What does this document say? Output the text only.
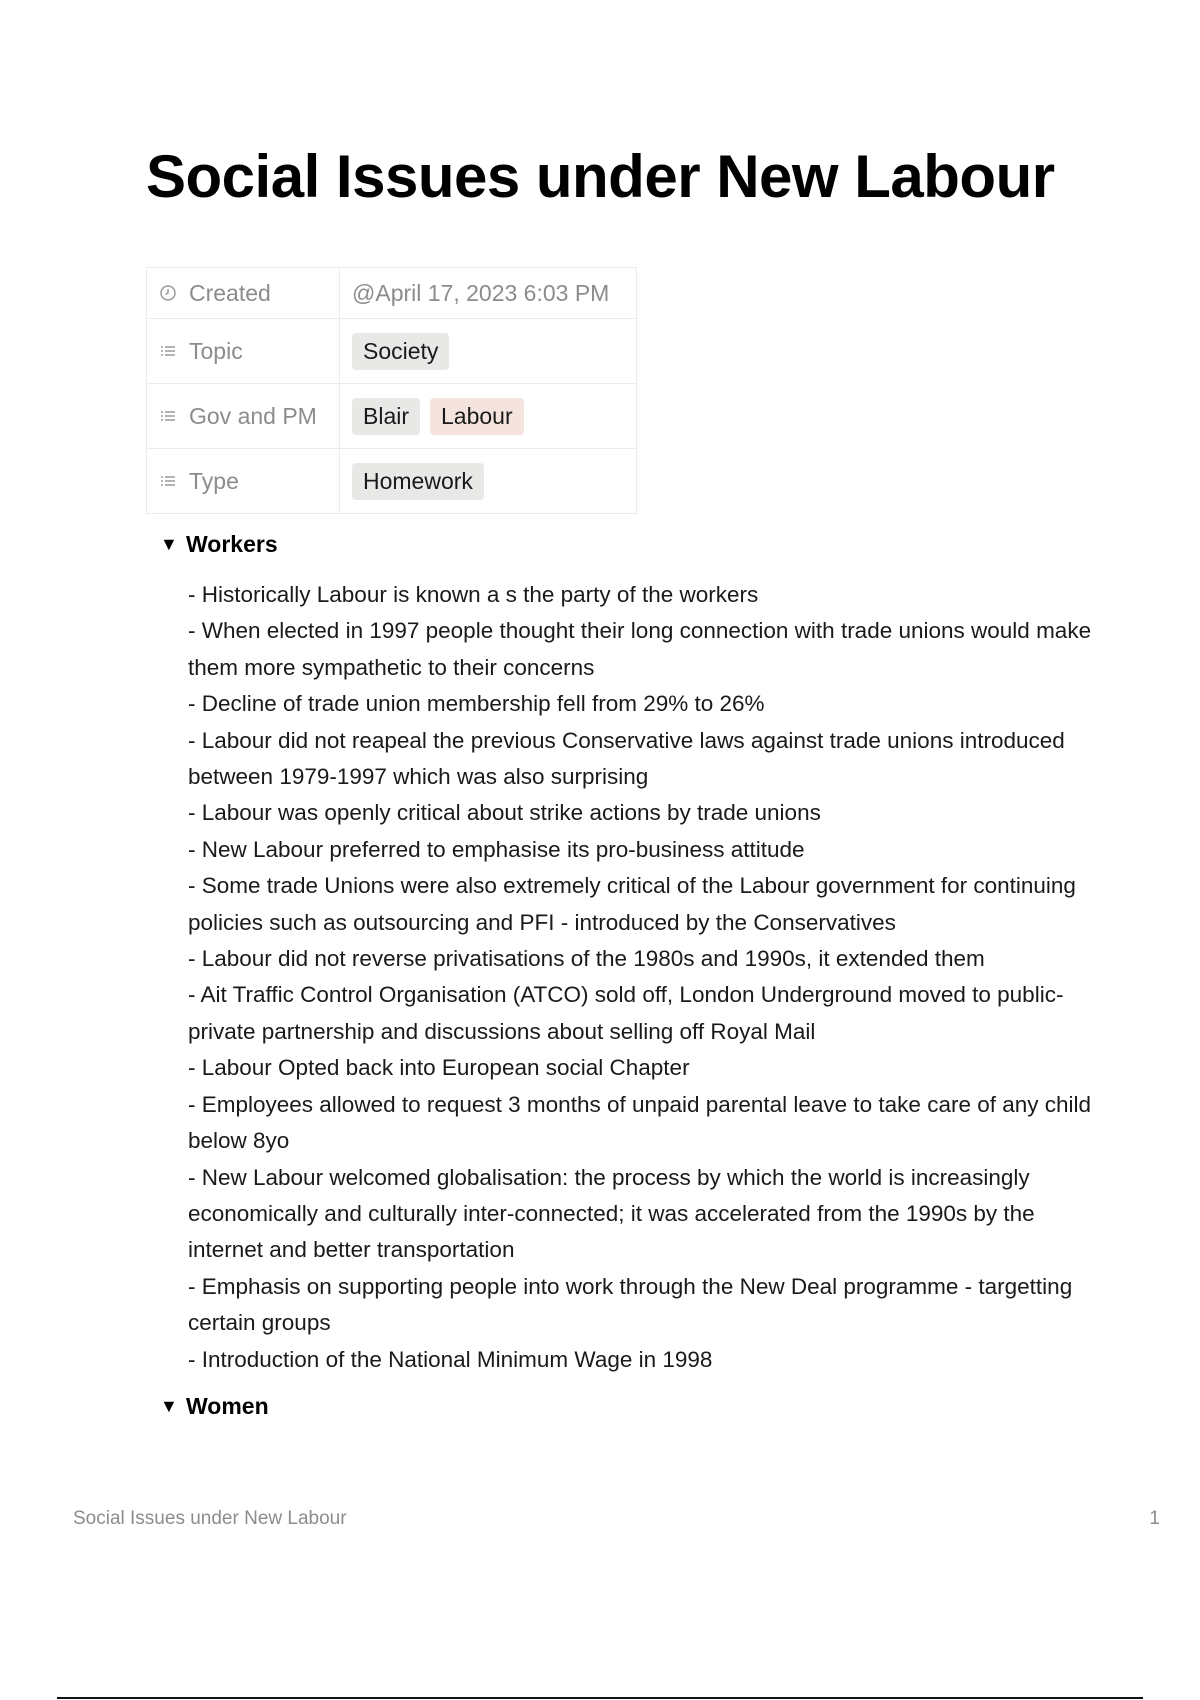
Social Issues under New Labour
Created	@April 17, 2023 6:03 PM

Topic	Society

Gov and PM	Blair Labour

Type	Homework
▼ Workers

- Historically Labour is known a s the party of the workers

- When elected in 1997 people thought their long connection with trade unions would make them more sympathetic to their concerns

- Decline of trade union membership fell from 29% to 26%

- Labour did not reapeal the previous Conservative laws against trade unions introduced between 1979-1997 which was also surprising

- Labour was openly critical about strike actions by trade unions

- New Labour preferred to emphasise its pro-business attitude

- Some trade Unions were also extremely critical of the Labour government for continuing policies such as outsourcing and PFI - introduced by the Conservatives

- Labour did not reverse privatisations of the 1980s and 1990s, it extended them

- Ait Traffic Control Organisation (ATCO) sold off, London Underground moved to public-private partnership and discussions about selling off Royal Mail

- Labour Opted back into European social Chapter

- Employees allowed to request 3 months of unpaid parental leave to take care of any child below 8yo

- New Labour welcomed globalisation: the process by which the world is increasingly economically and culturally inter-connected; it was accelerated from the 1990s by the internet and better transportation

- Emphasis on supporting people into work through the New Deal programme - targetting certain groups

- Introduction of the National Minimum Wage in 1998

▼ Women
Social Issues under New Labour	1
